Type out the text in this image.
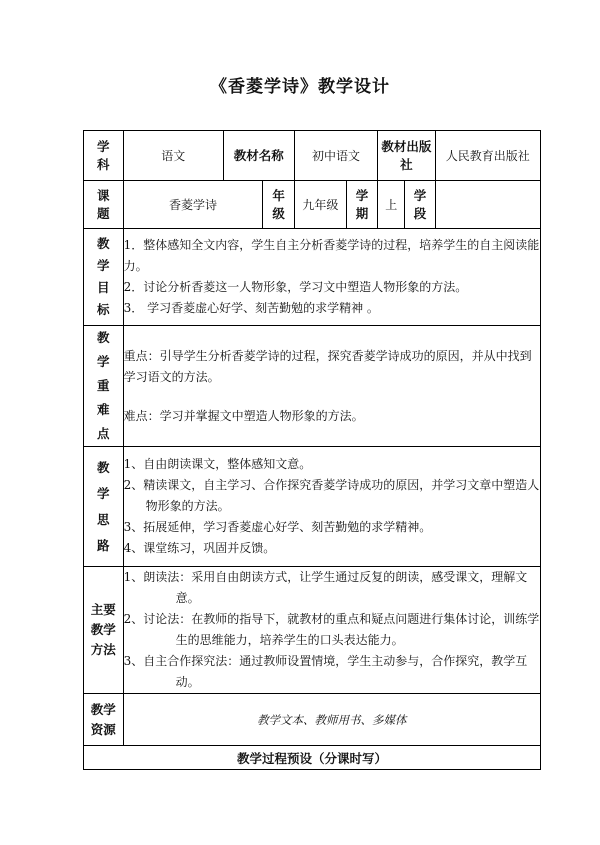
《香菱学诗》教学设计
学科	语文	教材名称		初中语文		教材出版社		人民教育出版社
课题	香菱学诗		年级	九年级	学期	上	学段	
教学目标	1．整体感知全文内容，学生自主分析香菱学诗的过程，培养学生的自主阅读能力。

2．讨论分析香菱这一人物形象，学习文中塑造人物形象的方法。

3． 学习香菱虚心好学、刻苦勤勉的求学精神 。							

教学重难点	重点：引导学生分析香菱学诗的过程，探究香菱学诗成功的原因，并从中找到学习语文的方法。

难点：学习并掌握文中塑造人物形象的方法。							

教学思路	1、自由朗读课文，整体感知文意。

2、精读课文，自主学习、合作探究香菱学诗成功的原因，并学习文章中塑造人物形象的方法。

3、拓展延伸，学习香菱虚心好学、刻苦勤勉的求学精神。

4、课堂练习，巩固并反馈。							

主要教学方法	1、朗读法：采用自由朗读方式，让学生通过反复的朗读，感受课文，理解文意。

2、讨论法：在教师的指导下，就教材的重点和疑点问题进行集体讨论，训练学生的思维能力，培养学生的口头表达能力。

3、自主合作探究法：通过教师设置情境，学生主动参与，合作探究，教学互动。							

教学资源	教学文本、教师用书、多媒体							
教学过程预设（分课时写）								
